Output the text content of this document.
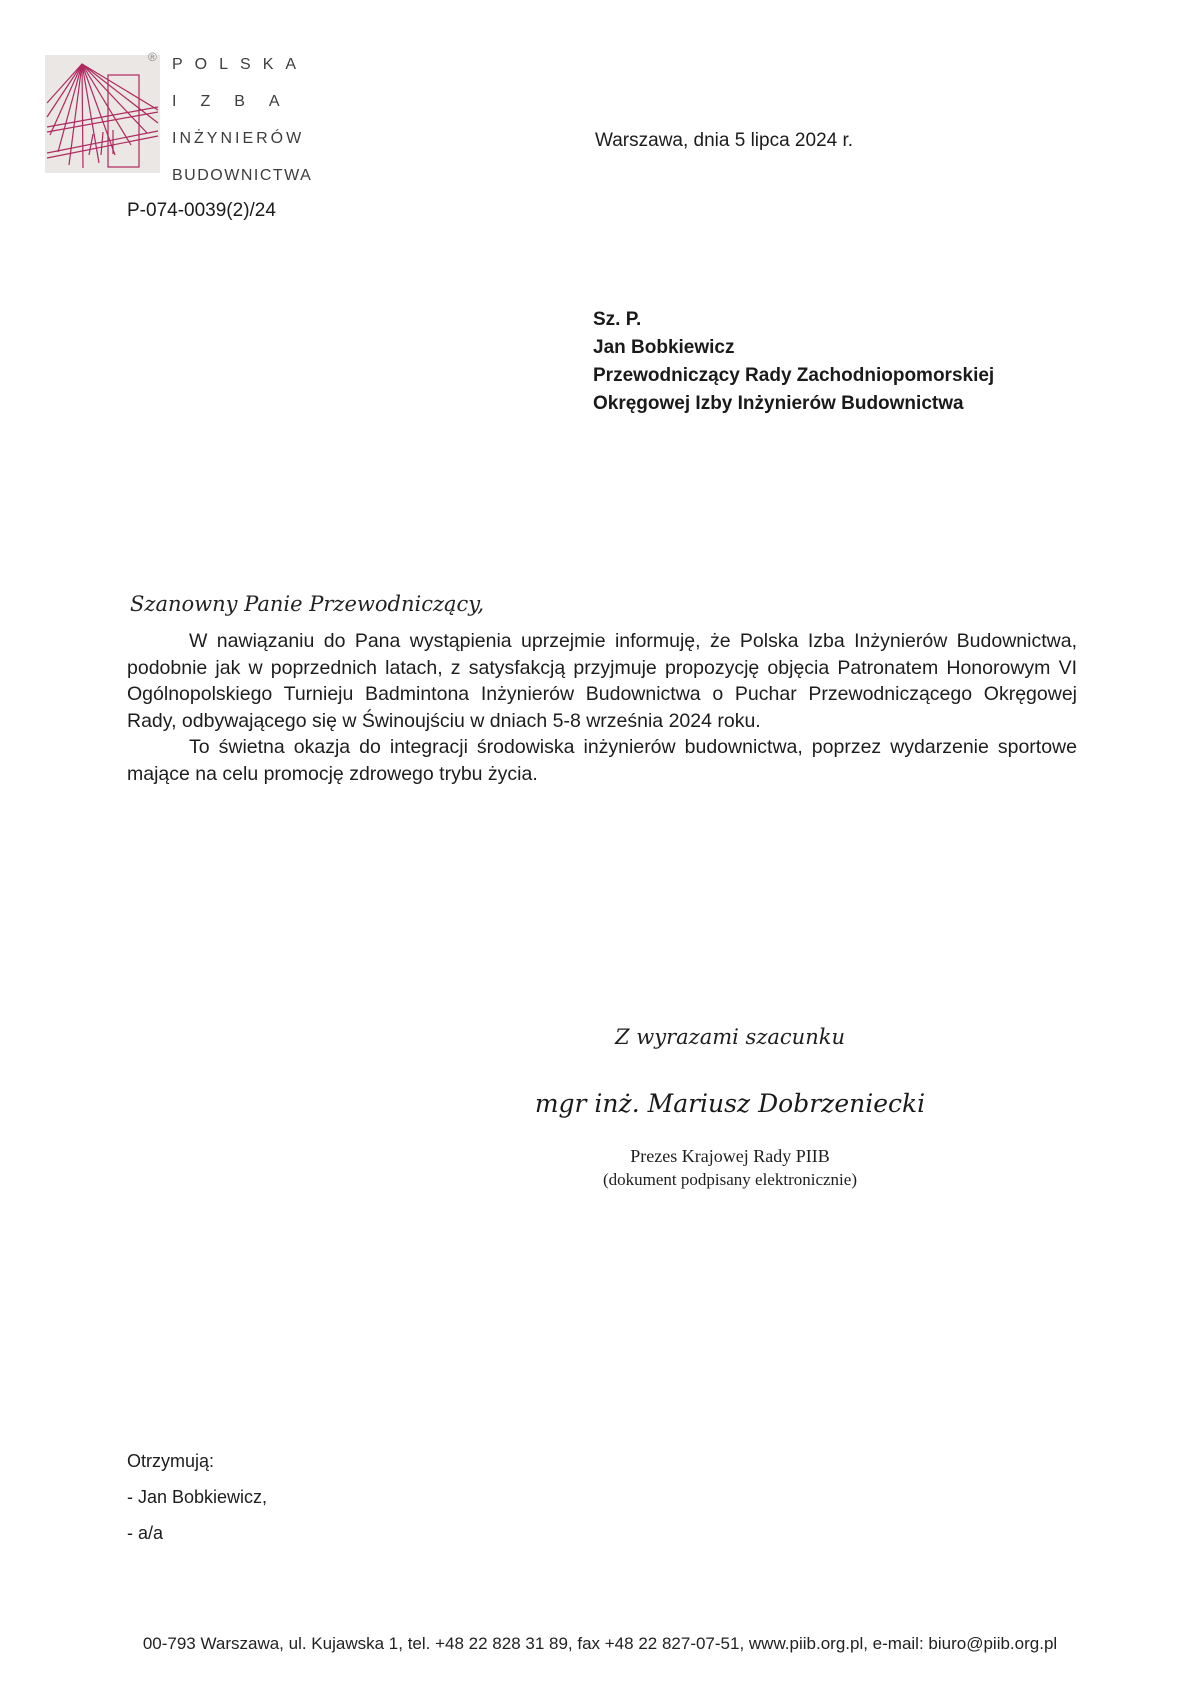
® POLSKA
IZBA
INŻYNIERÓW
BUDOWNICTWA
Warszawa, dnia 5 lipca 2024 r.
P-074-0039(2)/24
Sz. P.
Jan Bobkiewicz
Przewodniczący Rady Zachodniopomorskiej
Okręgowej Izby Inżynierów Budownictwa
Szanowny Panie Przewodniczący,

W nawiązaniu do Pana wystąpienia uprzejmie informuję, że Polska Izba Inżynierów Budownictwa, podobnie jak w poprzednich latach, z satysfakcją przyjmuje propozycję objęcia Patronatem Honorowym VI Ogólnopolskiego Turnieju Badmintona Inżynierów Budownictwa o Puchar Przewodniczącego Okręgowej Rady, odbywającego się w Świnoujściu w dniach 5-8 września 2024 roku.

To świetna okazja do integracji środowiska inżynierów budownictwa, poprzez wydarzenie sportowe mające na celu promocję zdrowego trybu życia.

Z wyrazami szacunku
mgr inż. Mariusz Dobrzeniecki
Prezes Krajowej Rady PIIB
(dokument podpisany elektronicznie)
Otrzymują:
- Jan Bobkiewicz,
- a/a
00-793 Warszawa, ul. Kujawska 1, tel. +48 22 828 31 89, fax +48 22 827-07-51, www.piib.org.pl, e-mail: biuro@piib.org.pl
